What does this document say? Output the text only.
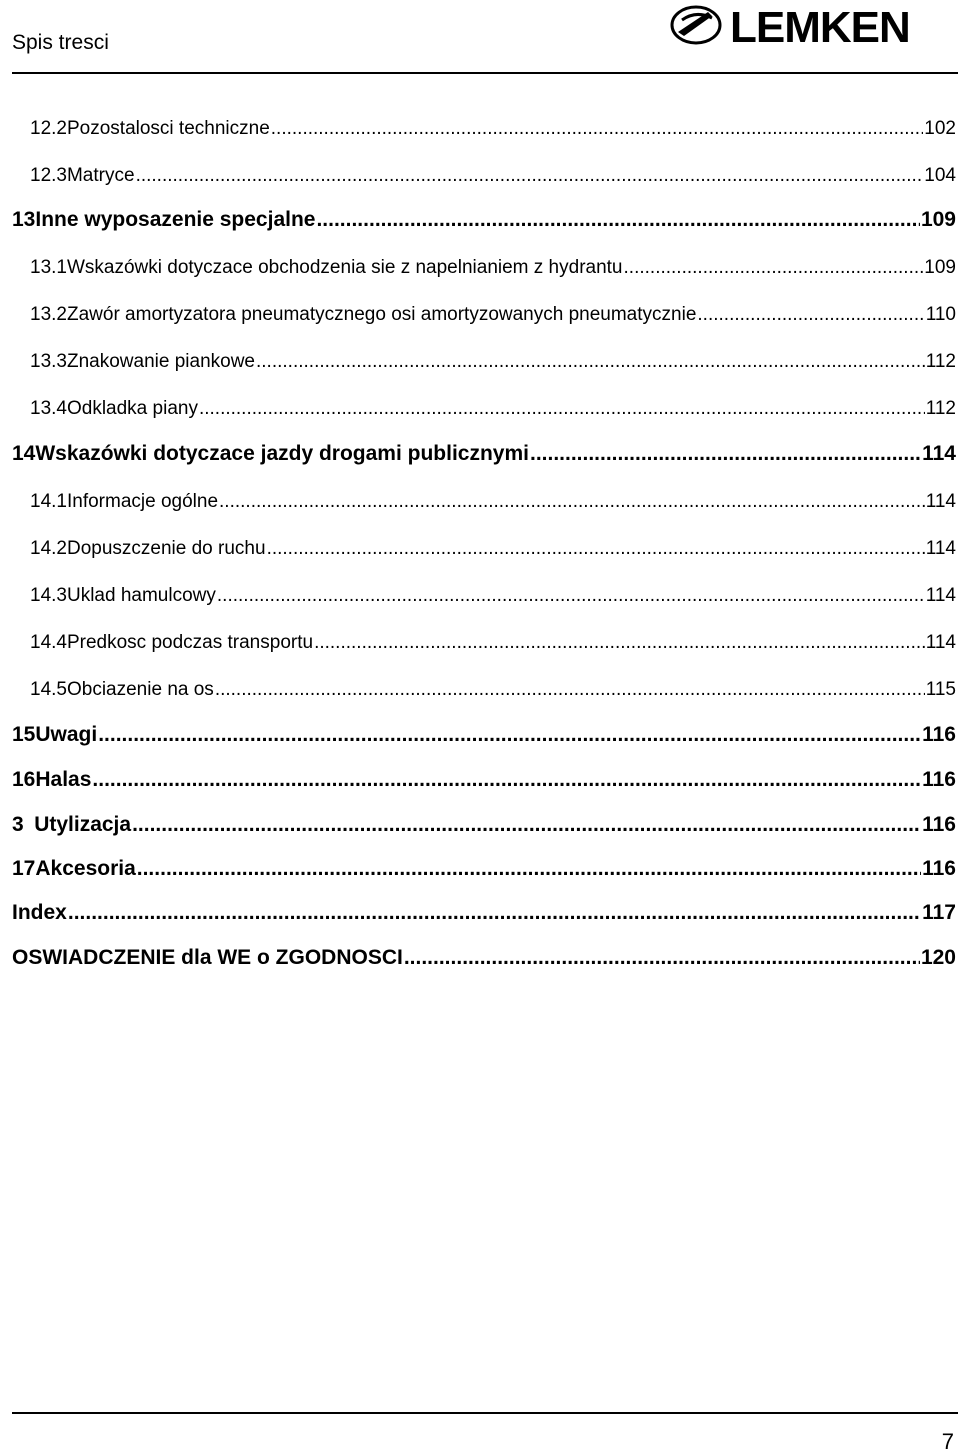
Spis tresci	LEMKEN
12.2 Pozostalosci techniczne .....	102
12.3 Matryce .....	104
13 Inne wyposazenie specjalne .....	109
13.1 Wskazówki dotyczace obchodzenia sie z napelnianiem z hydrantu .....	109
13.2 Zawór amortyzatora pneumatycznego osi amortyzowanych pneumatycznie .....	110
13.3 Znakowanie piankowe .....	112
13.4 Odkladka piany .....	112
14 Wskazówki dotyczace jazdy drogami publicznymi .....	114
14.1 Informacje ogólne .....	114
14.2 Dopuszczenie do ruchu .....	114
14.3 Uklad hamulcowy .....	114
14.4 Predkosc podczas transportu .....	114
14.5 Obciazenie na os .....	115
15 Uwagi .....	116
16 Halas .....	116
3 Utylizacja .....	116
17 Akcesoria .....	116
Index .....	117
OSWIADCZENIE dla WE o ZGODNOSCI .....	120
7
